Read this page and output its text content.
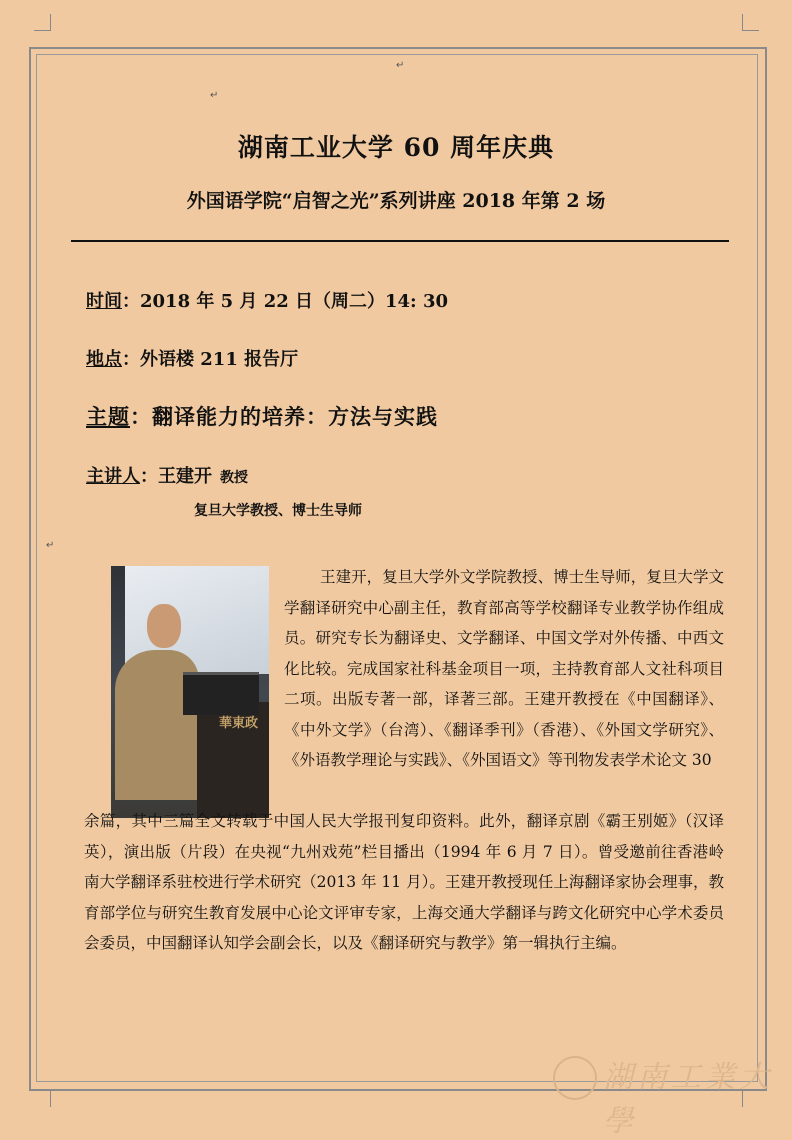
↵
↵
↵
湖南工业大学 60 周年庆典
外国语学院“启智之光”系列讲座 2018 年第 2 场
时间：2018 年 5 月 22 日（周二）14: 30
地点：外语楼 211 报告厅
主题：翻译能力的培养：方法与实践
主讲人：王建开 教授
复旦大学教授、博士生导师
華東政
王建开，复旦大学外文学院教授、博士生导师，复旦大学文学翻译研究中心副主任，教育部高等学校翻译专业教学协作组成员。研究专长为翻译史、文学翻译、中国文学对外传播、中西文化比较。完成国家社科基金项目一项，主持教育部人文社科项目二项。出版专著一部，译著三部。王建开教授在《中国翻译》、《中外文学》（台湾）、《翻译季刊》（香港）、《外国文学研究》、《外语教学理论与实践》、《外国语文》等刊物发表学术论文 30
余篇，其中三篇全文转载于中国人民大学报刊复印资料。此外，翻译京剧《霸王别姬》（汉译英），演出版（片段）在央视“九州戏苑”栏目播出（1994 年 6 月 7 日）。曾受邀前往香港岭南大学翻译系驻校进行学术研究（2013 年 11 月）。王建开教授现任上海翻译家协会理事，教育部学位与研究生教育发展中心论文评审专家，上海交通大学翻译与跨文化研究中心学术委员会委员，中国翻译认知学会副会长，以及《翻译研究与教学》第一辑执行主编。
湖南工業大學
